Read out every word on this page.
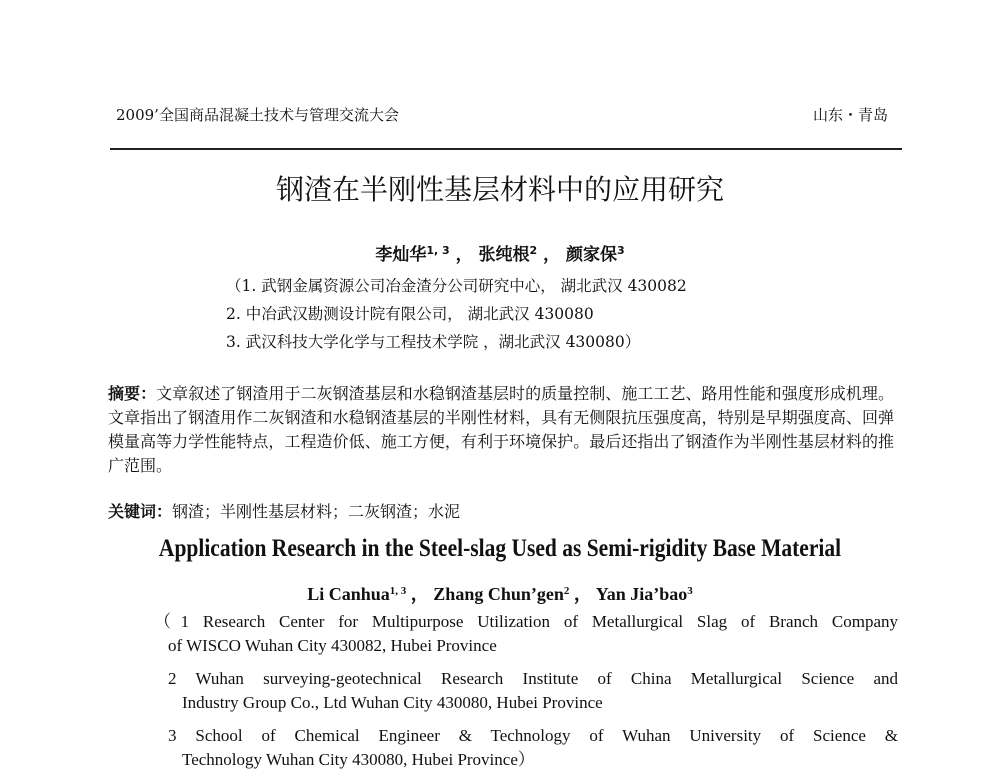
2009’全国商品混凝土技术与管理交流大会	山东・青岛
钢渣在半刚性基层材料中的应用研究
李灿华$^{1, 3}$ ， 张纯根$^2$ ， 颜家保$^3$
（1. 武钢金属资源公司冶金渣分公司研究中心， 湖北武汉 430082
2. 中冶武汉勘测设计院有限公司， 湖北武汉 430080
3. 武汉科技大学化学与工程技术学院 ，湖北武汉 430080）
摘要：文章叙述了钢渣用于二灰钢渣基层和水稳钢渣基层时的质量控制、施工工艺、路用性能和强度形成机理。文章指出了钢渣用作二灰钢渣和水稳钢渣基层的半刚性材料，具有无侧限抗压强度高，特别是早期强度高、回弹模量高等力学性能特点，工程造价低、施工方便，有利于环境保护。最后还指出了钢渣作为半刚性基层材料的推广范围。
关键词：钢渣；半刚性基层材料；二灰钢渣；水泥
Application Research in the Steel-slag Used as Semi-rigidity Base Material
Li Canhua$^{1, 3}$ ， Zhang Chun’gen$^2$ ， Yan Jia’bao$^3$
（1 Research Center for Multipurpose Utilization of Metallurgical Slag of Branch Company
of WISCO Wuhan City 430082, Hubei Province
2 Wuhan surveying-geotechnical Research Institute of China Metallurgical Science and
Industry Group Co., Ltd Wuhan City 430080, Hubei Province
3 School of Chemical Engineer & Technology of Wuhan University of Science &
Technology Wuhan City 430080, Hubei Province）
